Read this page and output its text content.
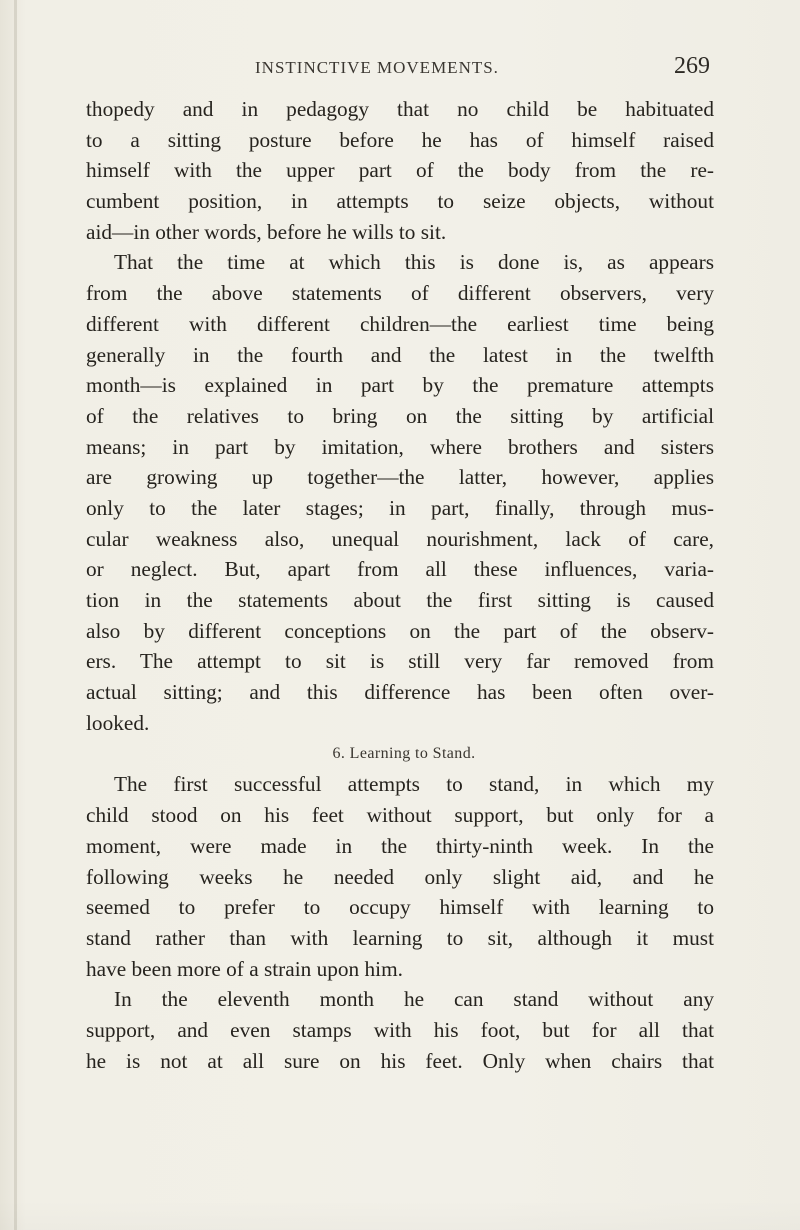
INSTINCTIVE MOVEMENTS.	269
thopedy and in pedagogy that no child be habituated
to a sitting posture before he has of himself raised
himself with the upper part of the body from the re-
cumbent position, in attempts to seize objects, without
aid—in other words, before he wills to sit.
That the time at which this is done is, as appears
from the above statements of different observers, very
different with different children—the earliest time being
generally in the fourth and the latest in the twelfth
month—is explained in part by the premature attempts
of the relatives to bring on the sitting by artificial
means; in part by imitation, where brothers and sisters
are growing up together—the latter, however, applies
only to the later stages; in part, finally, through mus-
cular weakness also, unequal nourishment, lack of care,
or neglect. But, apart from all these influences, varia-
tion in the statements about the first sitting is caused
also by different conceptions on the part of the observ-
ers. The attempt to sit is still very far removed from
actual sitting; and this difference has been often over-
looked.
6. Learning to Stand.
The first successful attempts to stand, in which my
child stood on his feet without support, but only for a
moment, were made in the thirty-ninth week. In the
following weeks he needed only slight aid, and he
seemed to prefer to occupy himself with learning to
stand rather than with learning to sit, although it must
have been more of a strain upon him.
In the eleventh month he can stand without any
support, and even stamps with his foot, but for all that
he is not at all sure on his feet. Only when chairs that
